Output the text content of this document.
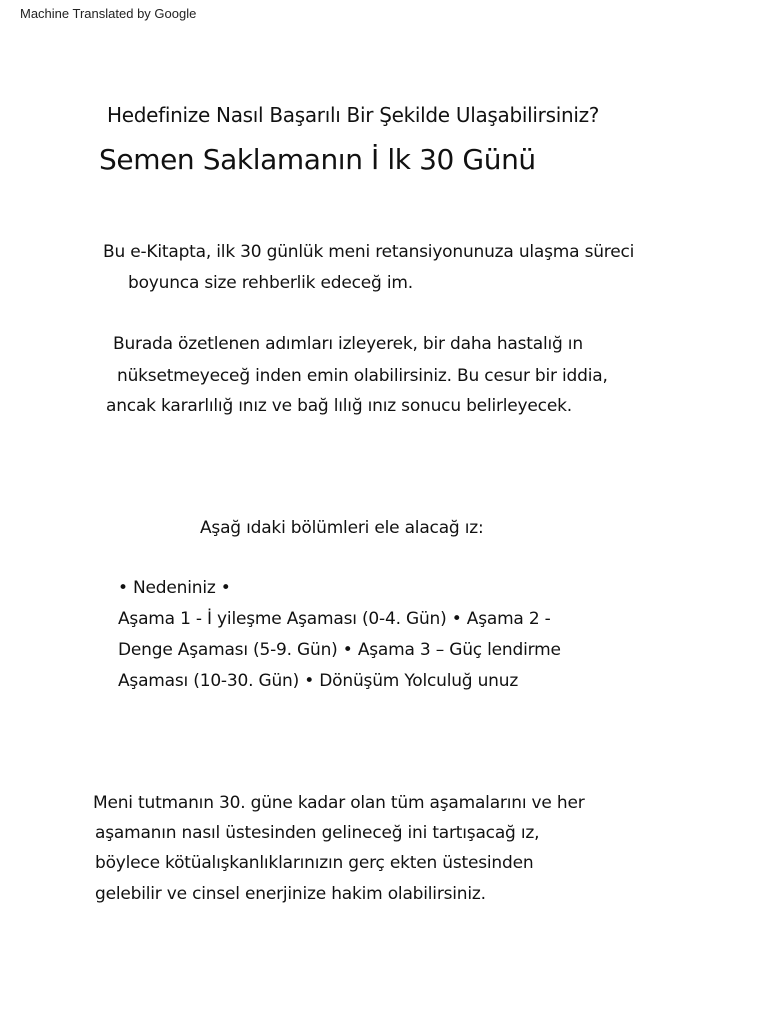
Machine Translated by Google
Hedefinize Nasıl Başarılı Bir Şekilde Ulaşabilirsiniz?
Semen Saklamanın İ lk 30 Günü
Bu e-Kitapta, ilk 30 günlük meni retansiyonunuza ulaşma süreci
boyunca size rehberlik edeceğ im.
Burada özetlenen adımları izleyerek, bir daha hastalığ ın
nüksetmeyeceğ inden emin olabilirsiniz. Bu cesur bir iddia,
ancak kararlılığ ınız ve bağ lılığ ınız sonucu belirleyecek.
Aşağ ıdaki bölümleri ele alacağ ız:
• Nedeniniz •
Aşama 1 - İ yileşme Aşaması (0-4. Gün) • Aşama 2 -
Denge Aşaması (5-9. Gün) • Aşama 3 – Güç lendirme
Aşaması (10-30. Gün) • Dönüşüm Yolculuğ unuz
Meni tutmanın 30. güne kadar olan tüm aşamalarını ve her
aşamanın nasıl üstesinden gelineceğ ini tartışacağ ız,
böylece kötüalışkanlıklarınızın gerç ekten üstesinden
gelebilir ve cinsel enerjinize hakim olabilirsiniz.
